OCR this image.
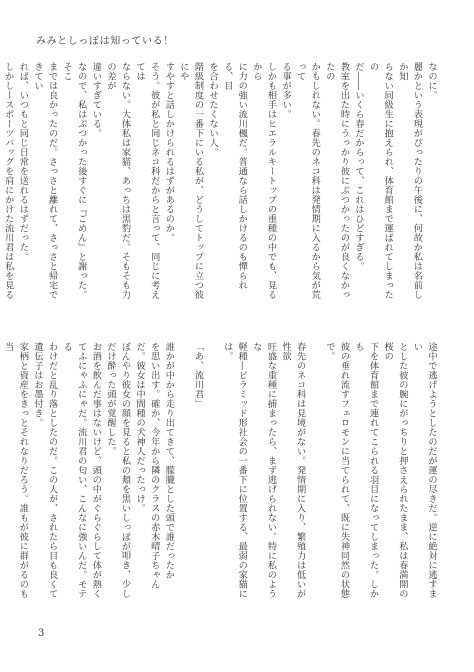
みみとしっぽは知っている！
なのに。
麗かという表現がぴったりの午後に、何故か私は名前しか知
らない同級生に抱えられ、体育館まで運ばれてしまったの
だ――いくら春だからって、これはひどすぎる。
教室を出た時にうっかり彼にぶつかったのが良くなかったの
かもしれない。春先のネコ科は発情期に入るから気が荒って
る事が多い。
しかも相手はヒエラルキートップの重種の中でも、見るから
に力の強い流川楓だ。普通なら話しかけるのも憚られる、目
を合わせたくない人。
階級制度の一番下にいる私が、どうしてトップに立つ彼にや
すやすと話しかけられるはずがあるのか。
そう。彼が私と同じネコ科だからと言って、同じに考えては
ならない。大体私は家猫、あっちは黒豹だ。そもそも力の差が
違いすぎている。
なので、私はぶつかった後すぐに『ごめん』と謝った。そこ
までは良かったのだ。さっさと離れて、さっさと帰宅できてい
れば、いつもと同じ日常を送れるはずだった。
しかしースポーツバッグを肩にかけた流川君は私を見る
途中で逃げようとしたのだが運の尽きだ。逆に絶対に逃すまい
とした彼の腕にがっちりと押さえられたまま、私は春満開の桜の
下を体育館まで連れてこられる羽目になってしまった。しかも
彼の垂れ流すフェロモンに当てられて、既に失神同然の状態で。

春先のネコ科は見境がない。発情期に入り、繁殖力は低いが性欲
旺盛な重種に捕まったら、まず逃げられない。特に私のような
軽種―ピラミッド形社会の一番下に位置する、最弱の家猫に
は。

「あ、流川君」

誰かが中から走り出てきて、朦朧とした頭で誰だったか
を思い出す。確か、今年から隣のクラスの赤木晴子ちゃん
だ。彼女は中間種の犬神人だったっけ。
ぼんやり彼女の顔を見ると私の頬を黒いしっぽが叩き、少し
だけ酔った頭が覚醒した。
お酒を飲んだ事はないけど、頭の中がぐらぐらして体が熱く
てふにゃふにゃだ。流川君の匂い、こんなに強いんだ。モテる
わけだと乱り落としたのだ。この人が、されたら目も良くて遺伝子はお墨付き。
家柄と資産をきっとそれなりだろう。誰もが彼に群がるのも当
3
